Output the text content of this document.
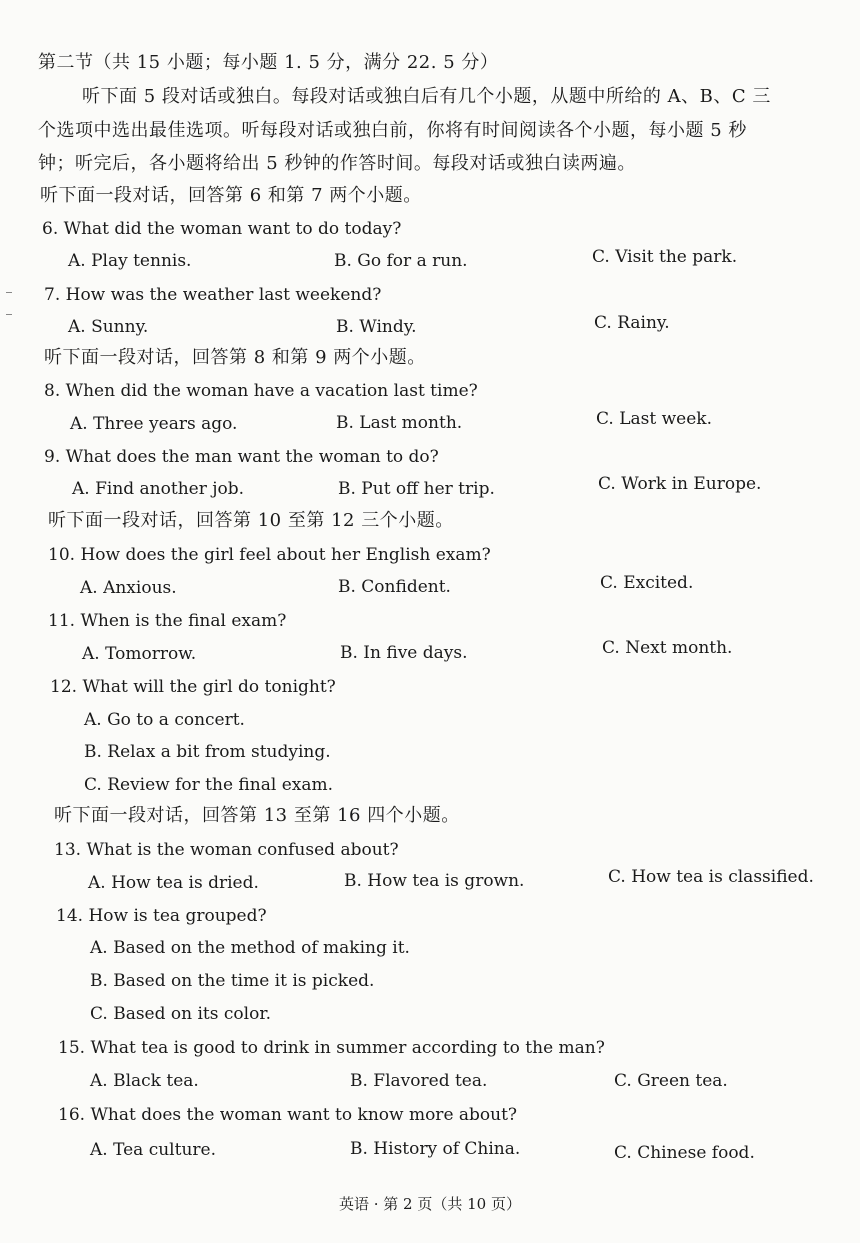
第二节（共 15 小题；每小题 1. 5 分，满分 22. 5 分）
听下面 5 段对话或独白。每段对话或独白后有几个小题，从题中所给的 A、B、C 三
个选项中选出最佳选项。听每段对话或独白前，你将有时间阅读各个小题，每小题 5 秒
钟；听完后，各小题将给出 5 秒钟的作答时间。每段对话或独白读两遍。
听下面一段对话，回答第 6 和第 7 两个小题。
6. What did the woman want to do today?
A. Play tennis.	B. Go for a run.	C. Visit the park.
7. How was the weather last weekend?
A. Sunny.	B. Windy.	C. Rainy.
听下面一段对话，回答第 8 和第 9 两个小题。
8. When did the woman have a vacation last time?
A. Three years ago.	B. Last month.	C. Last week.
9. What does the man want the woman to do?
A. Find another job.	B. Put off her trip.	C. Work in Europe.
听下面一段对话，回答第 10 至第 12 三个小题。
10. How does the girl feel about her English exam?
A. Anxious.	B. Confident.	C. Excited.
11. When is the final exam?
A. Tomorrow.	B. In five days.	C. Next month.
12. What will the girl do tonight?
A. Go to a concert.
B. Relax a bit from studying.
C. Review for the final exam.
听下面一段对话，回答第 13 至第 16 四个小题。
13. What is the woman confused about?
A. How tea is dried.	B. How tea is grown.	C. How tea is classified.
14. How is tea grouped?
A. Based on the method of making it.
B. Based on the time it is picked.
C. Based on its color.
15. What tea is good to drink in summer according to the man?
A. Black tea.	B. Flavored tea.	C. Green tea.
16. What does the woman want to know more about?
A. Tea culture.	B. History of China.	C. Chinese food.
英语 · 第 2 页（共 10 页）
